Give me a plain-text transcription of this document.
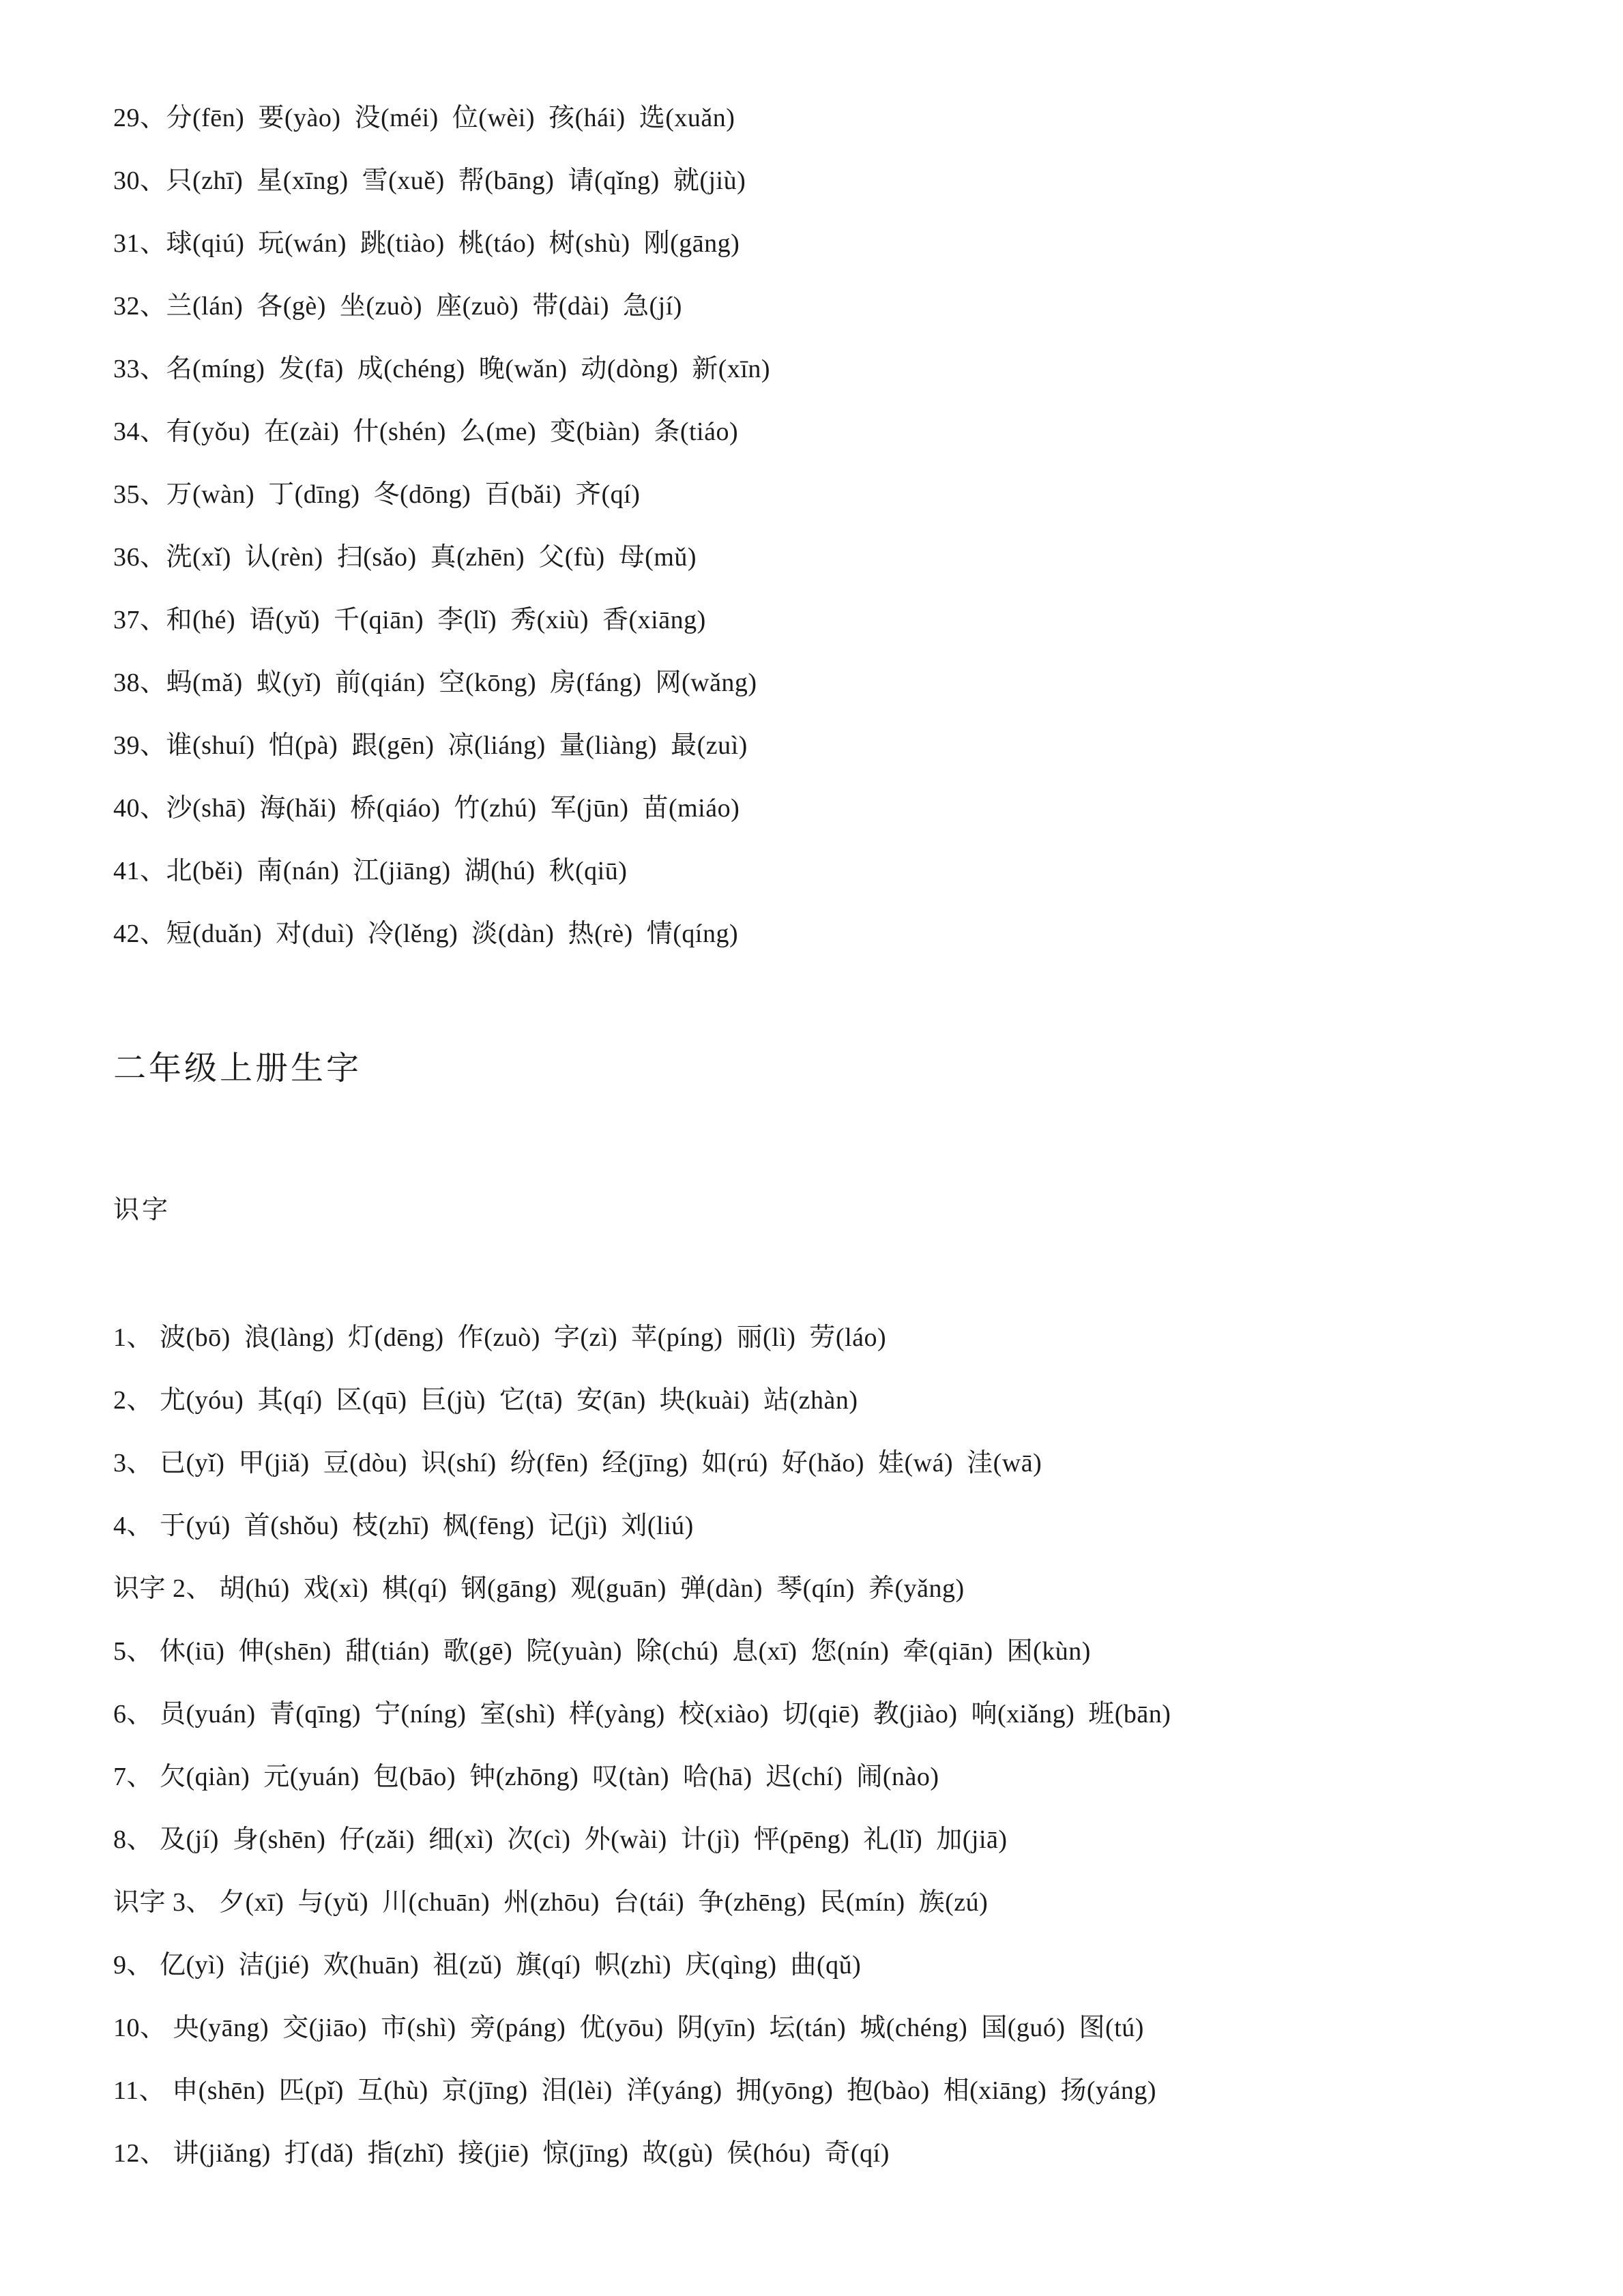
29、分(fēn)  要(yào)  没(méi)  位(wèi)  孩(hái)  选(xuǎn)
30、只(zhī)  星(xīng)  雪(xuě)  帮(bāng)  请(qǐng)  就(jiù)
31、球(qiú)  玩(wán)  跳(tiào)  桃(táo)  树(shù)  刚(gāng)
32、兰(lán)  各(gè)  坐(zuò)  座(zuò)  带(dài)  急(jí)
33、名(míng)  发(fā)  成(chéng)  晚(wǎn)  动(dòng)  新(xīn)
34、有(yǒu)  在(zài)  什(shén)  么(me)  变(biàn)  条(tiáo)
35、万(wàn)  丁(dīng)  冬(dōng)  百(bǎi)  齐(qí)
36、洗(xǐ)  认(rèn)  扫(sǎo)  真(zhēn)  父(fù)  母(mǔ)
37、和(hé)  语(yǔ)  千(qiān)  李(lǐ)  秀(xiù)  香(xiāng)
38、蚂(mǎ)  蚁(yǐ)  前(qián)  空(kōng)  房(fáng)  网(wǎng)
39、谁(shuí)  怕(pà)  跟(gēn)  凉(liáng)  量(liàng)  最(zuì)
40、沙(shā)  海(hǎi)  桥(qiáo)  竹(zhú)  军(jūn)  苗(miáo)
41、北(běi)  南(nán)  江(jiāng)  湖(hú)  秋(qiū)
42、短(duǎn)  对(duì)  冷(lěng)  淡(dàn)  热(rè)  情(qíng)
二年级上册生字
识字
1、 波(bō)  浪(làng)  灯(dēng)  作(zuò)  字(zì)  苹(píng)  丽(lì)  劳(láo)
2、 尤(yóu)  其(qí)  区(qū)  巨(jù)  它(tā)  安(ān)  块(kuài)  站(zhàn)
3、 已(yǐ)  甲(jiǎ)  豆(dòu)  识(shí)  纷(fēn)  经(jīng)  如(rú)  好(hǎo)  娃(wá)  洼(wā)
4、 于(yú)  首(shǒu)  枝(zhī)  枫(fēng)  记(jì)  刘(liú)
识字 2、 胡(hú)  戏(xì)  棋(qí)  钢(gāng)  观(guān)  弹(dàn)  琴(qín)  养(yǎng)
5、 休(iū)  伸(shēn)  甜(tián)  歌(gē)  院(yuàn)  除(chú)  息(xī)  您(nín)  牵(qiān)  困(kùn)
6、 员(yuán)  青(qīng)  宁(níng)  室(shì)  样(yàng)  校(xiào)  切(qiē)  教(jiào)  响(xiǎng)  班(bān)
7、 欠(qiàn)  元(yuán)  包(bāo)  钟(zhōng)  叹(tàn)  哈(hā)  迟(chí)  闹(nào)
8、 及(jí)  身(shēn)  仔(zǎi)  细(xì)  次(cì)  外(wài)  计(jì)  怦(pēng)  礼(lǐ)  加(jiā)
识字 3、 夕(xī)  与(yǔ)  川(chuān)  州(zhōu)  台(tái)  争(zhēng)  民(mín)  族(zú)
9、 亿(yì)  洁(jié)  欢(huān)  祖(zǔ)  旗(qí)  帜(zhì)  庆(qìng)  曲(qǔ)
10、 央(yāng)  交(jiāo)  市(shì)  旁(páng)  优(yōu)  阴(yīn)  坛(tán)  城(chéng)  国(guó)  图(tú)
11、 申(shēn)  匹(pǐ)  互(hù)  京(jīng)  泪(lèi)  洋(yáng)  拥(yōng)  抱(bào)  相(xiāng)  扬(yáng)
12、 讲(jiǎng)  打(dǎ)  指(zhǐ)  接(jiē)  惊(jīng)  故(gù)  侯(hóu)  奇(qí)
